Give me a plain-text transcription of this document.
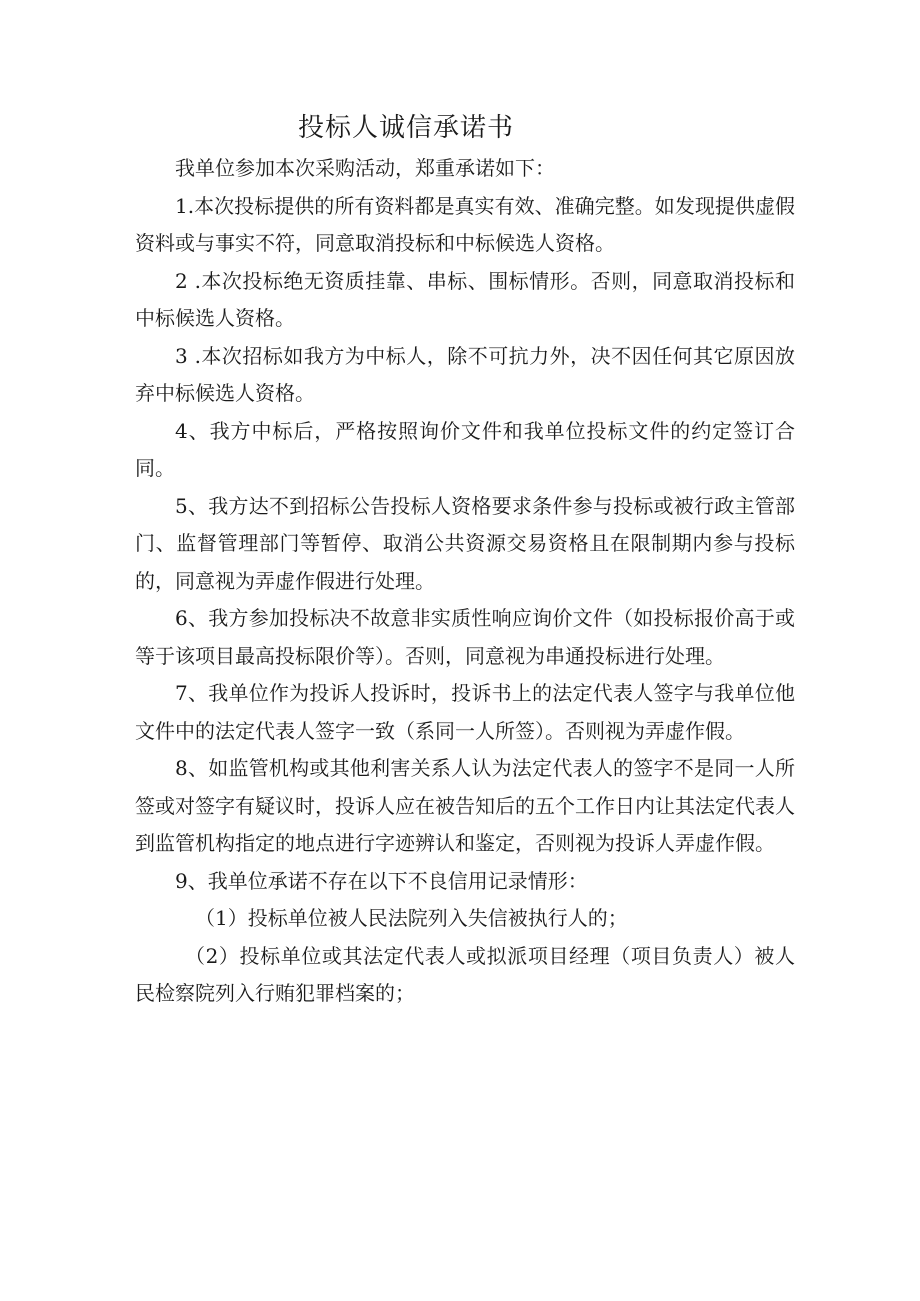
投标人诚信承诺书

我单位参加本次采购活动，郑重承诺如下：

1.本次投标提供的所有资料都是真实有效、准确完整。如发现提供虚假资料或与事实不符，同意取消投标和中标候选人资格。

2 .本次投标绝无资质挂靠、串标、围标情形。否则，同意取消投标和中标候选人资格。

3 .本次招标如我方为中标人，除不可抗力外，决不因任何其它原因放弃中标候选人资格。

4、我方中标后，严格按照询价文件和我单位投标文件的约定签订合同。

5、我方达不到招标公告投标人资格要求条件参与投标或被行政主管部门、监督管理部门等暂停、取消公共资源交易资格且在限制期内参与投标的，同意视为弄虚作假进行处理。

6、我方参加投标决不故意非实质性响应询价文件（如投标报价高于或等于该项目最高投标限价等）。否则，同意视为串通投标进行处理。

7、我单位作为投诉人投诉时，投诉书上的法定代表人签字与我单位他文件中的法定代表人签字一致（系同一人所签）。否则视为弄虚作假。

8、如监管机构或其他利害关系人认为法定代表人的签字不是同一人所签或对签字有疑议时，投诉人应在被告知后的五个工作日内让其法定代表人到监管机构指定的地点进行字迹辨认和鉴定，否则视为投诉人弄虚作假。

9、我单位承诺不存在以下不良信用记录情形：

（1）投标单位被人民法院列入失信被执行人的；

（2）投标单位或其法定代表人或拟派项目经理（项目负责人）被人民检察院列入行贿犯罪档案的；
